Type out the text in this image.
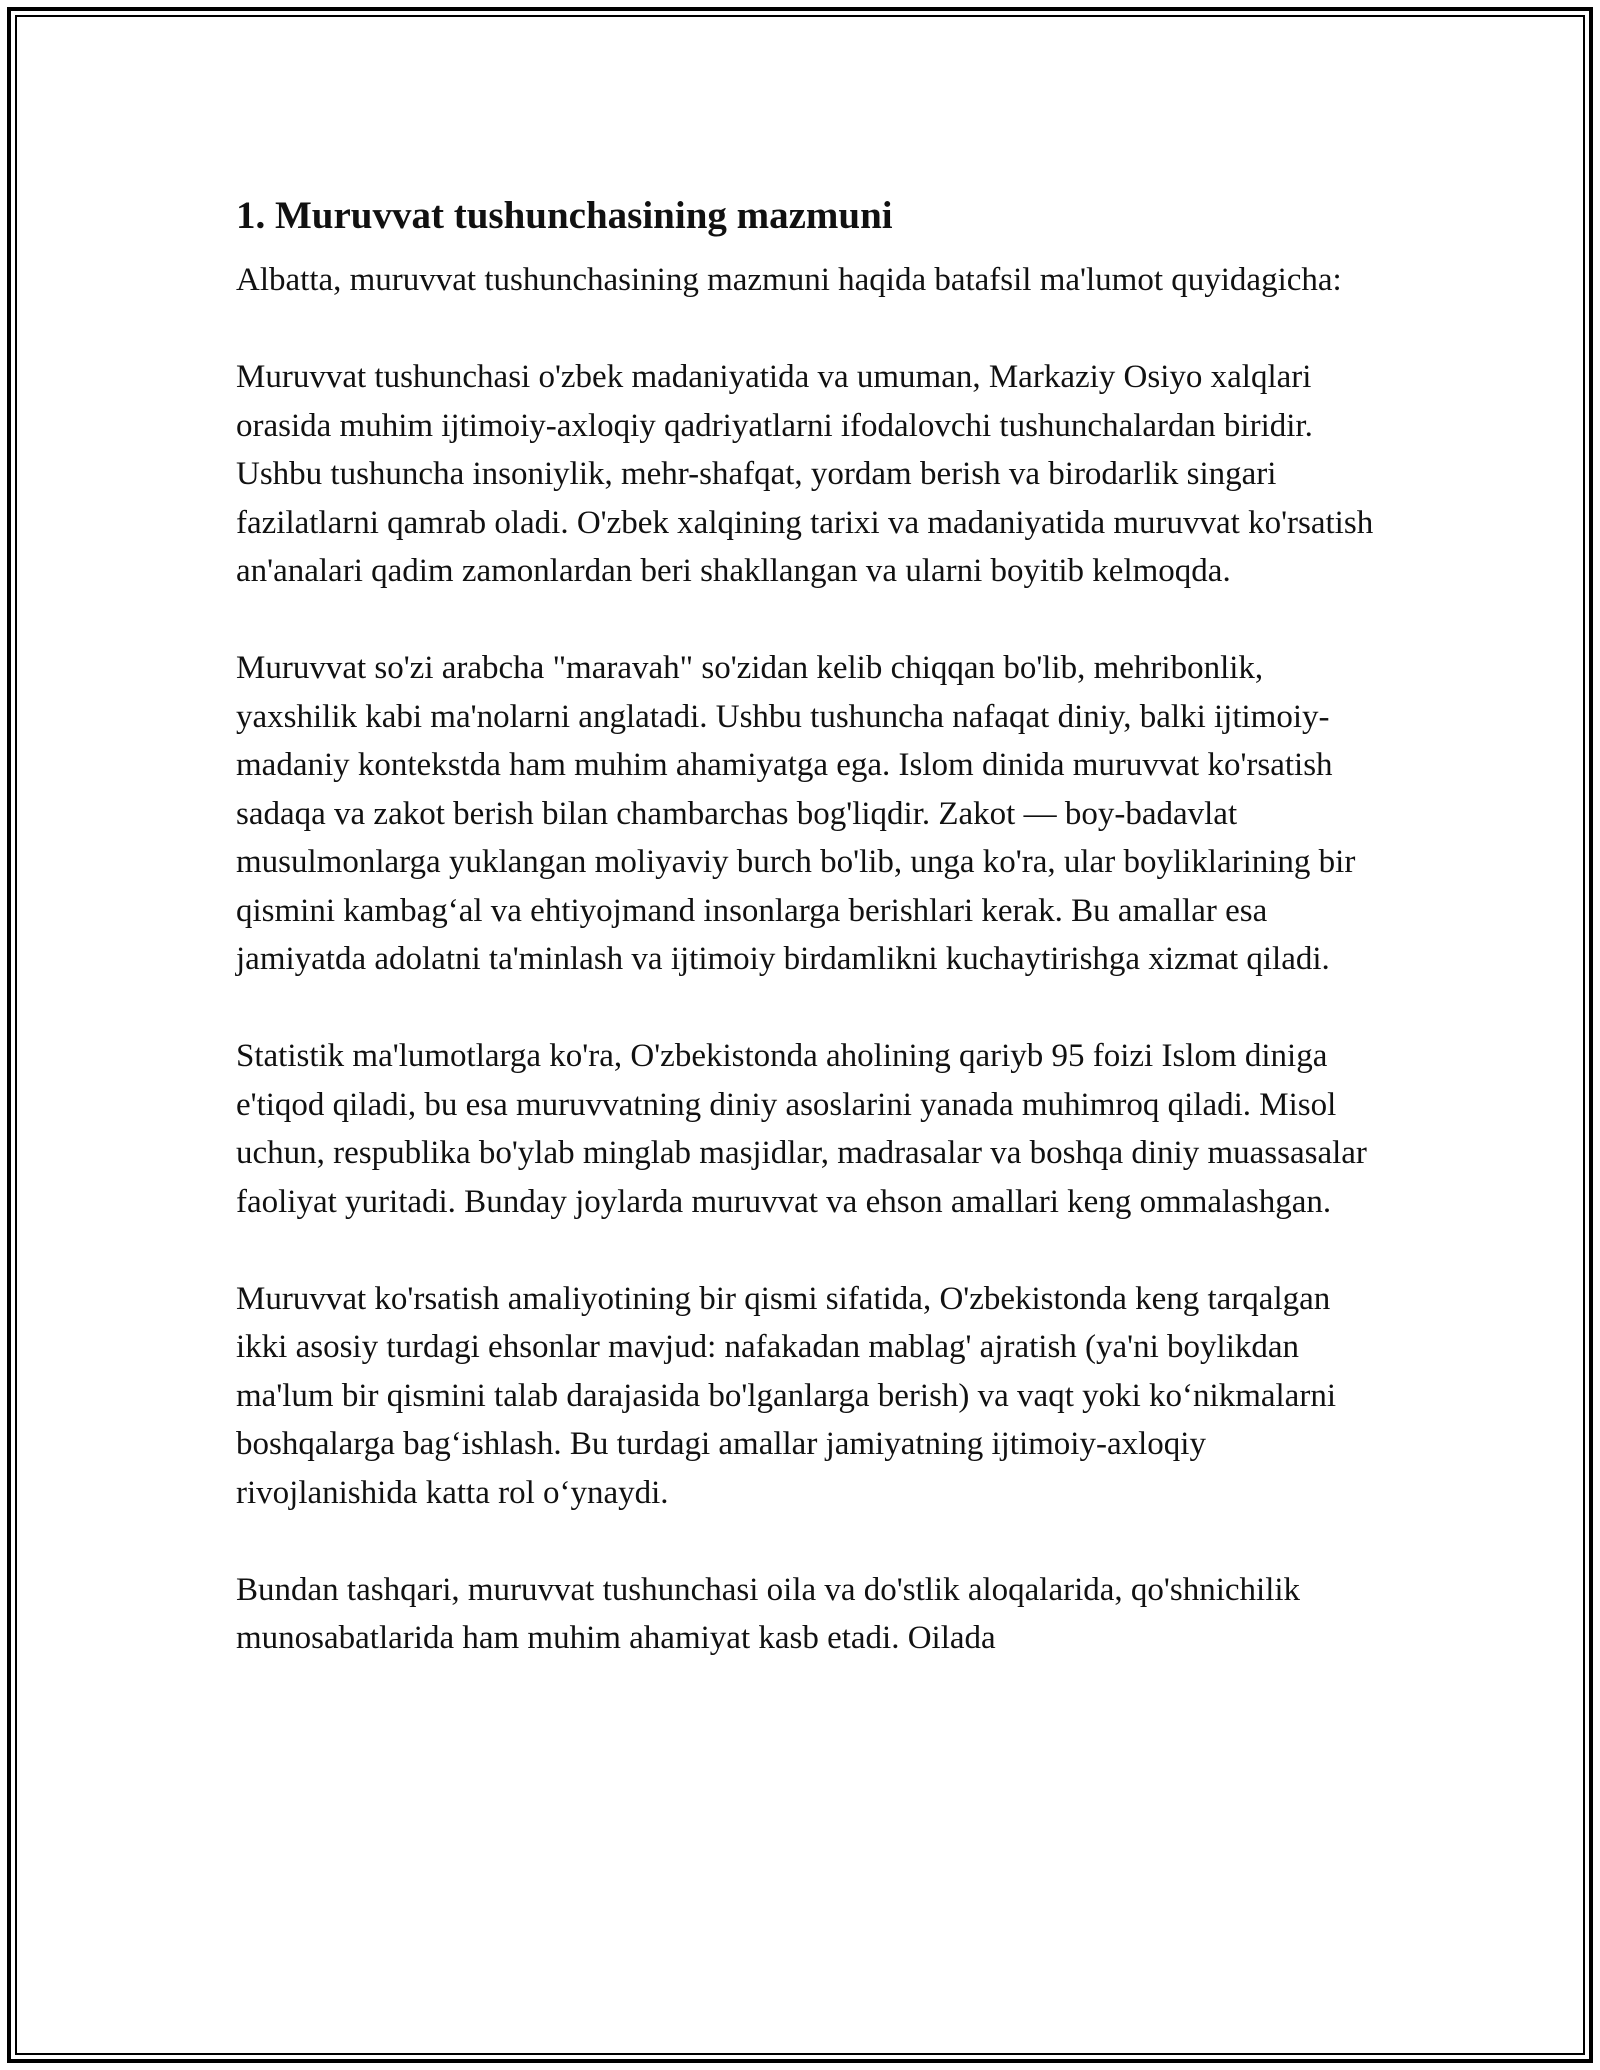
1. Muruvvat tushunchasining mazmuni

Albatta, muruvvat tushunchasining mazmuni haqida batafsil ma'lumot quyidagicha:

Muruvvat tushunchasi o'zbek madaniyatida va umuman, Markaziy Osiyo xalqlari orasida muhim ijtimoiy-axloqiy qadriyatlarni ifodalovchi tushunchalardan biridir. Ushbu tushuncha insoniylik, mehr-shafqat, yordam berish va birodarlik singari fazilatlarni qamrab oladi. O'zbek xalqining tarixi va madaniyatida muruvvat ko'rsatish an'analari qadim zamonlardan beri shakllangan va ularni boyitib kelmoqda.

Muruvvat so'zi arabcha "maravah" so'zidan kelib chiqqan bo'lib, mehribonlik, yaxshilik kabi ma'nolarni anglatadi. Ushbu tushuncha nafaqat diniy, balki ijtimoiy-madaniy kontekstda ham muhim ahamiyatga ega. Islom dinida muruvvat ko'rsatish sadaqa va zakot berish bilan chambarchas bog'liqdir. Zakot — boy-badavlat musulmonlarga yuklangan moliyaviy burch bo'lib, unga ko'ra, ular boyliklarining bir qismini kambag‘al va ehtiyojmand insonlarga berishlari kerak. Bu amallar esa jamiyatda adolatni ta'minlash va ijtimoiy birdamlikni kuchaytirishga xizmat qiladi.

Statistik ma'lumotlarga ko'ra, O'zbekistonda aholining qariyb 95 foizi Islom diniga e'tiqod qiladi, bu esa muruvvatning diniy asoslarini yanada muhimroq qiladi. Misol uchun, respublika bo'ylab minglab masjidlar, madrasalar va boshqa diniy muassasalar faoliyat yuritadi. Bunday joylarda muruvvat va ehson amallari keng ommalashgan.

Muruvvat ko'rsatish amaliyotining bir qismi sifatida, O'zbekistonda keng tarqalgan ikki asosiy turdagi ehsonlar mavjud: nafakadan mablag' ajratish (ya'ni boylikdan ma'lum bir qismini talab darajasida bo'lganlarga berish) va vaqt yoki ko‘nikmalarni boshqalarga bag‘ishlash. Bu turdagi amallar jamiyatning ijtimoiy-axloqiy rivojlanishida katta rol o‘ynaydi.

Bundan tashqari, muruvvat tushunchasi oila va do'stlik aloqalarida, qo'shnichilik munosabatlarida ham muhim ahamiyat kasb etadi. Oilada
